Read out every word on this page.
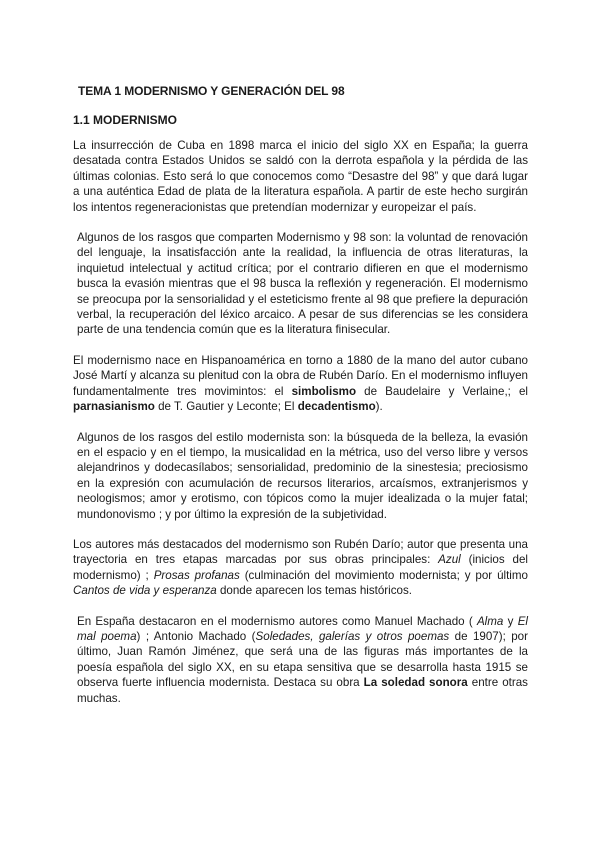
TEMA 1 MODERNISMO Y GENERACIÓN DEL 98
1.1 MODERNISMO

La insurrección de Cuba en 1898 marca el inicio del siglo XX en España; la guerra desatada contra Estados Unidos se saldó con la derrota española y la pérdida de las últimas colonias. Esto será lo que conocemos como “Desastre del 98” y que dará lugar a una auténtica Edad de plata de la literatura española. A partir de este hecho surgirán los intentos regeneracionistas que pretendían modernizar y europeizar el país.

Algunos de los rasgos que comparten Modernismo y 98 son: la voluntad de renovación del lenguaje, la insatisfacción ante la realidad, la influencia de otras literaturas, la inquietud intelectual y actitud crítica; por el contrario difieren en que el modernismo busca la evasión mientras que el 98 busca la reflexión y regeneración. El modernismo se preocupa por la sensorialidad y el esteticismo frente al 98 que prefiere la depuración verbal, la recuperación del léxico arcaico. A pesar de sus diferencias se les considera parte de una tendencia común que es la literatura finisecular.

El modernismo nace en Hispanoamérica en torno a 1880 de la mano del autor cubano José Martí y alcanza su plenitud con la obra de Rubén Darío. En el modernismo influyen fundamentalmente tres movimintos: el simbolismo de Baudelaire y Verlaine,; el parnasianismo de T. Gautier y Leconte; El decadentismo).

Algunos de los rasgos del estilo modernista son: la búsqueda de la belleza, la evasión en el espacio y en el tiempo, la musicalidad en la métrica, uso del verso libre y versos alejandrinos y dodecasílabos; sensorialidad, predominio de la sinestesia; preciosismo en la expresión con acumulación de recursos literarios, arcaísmos, extranjerismos y neologismos; amor y erotismo, con tópicos como la mujer idealizada o la mujer fatal; mundonovismo ; y por último la expresión de la subjetividad.

Los autores más destacados del modernismo son Rubén Darío; autor que presenta una trayectoria en tres etapas marcadas por sus obras principales: Azul (inicios del modernismo) ; Prosas profanas (culminación del movimiento modernista; y por último Cantos de vida y esperanza donde aparecen los temas históricos.

En España destacaron en el modernismo autores como Manuel Machado ( Alma y El mal poema) ; Antonio Machado (Soledades, galerías y otros poemas de 1907); por último, Juan Ramón Jiménez, que será una de las figuras más importantes de la poesía española del siglo XX, en su etapa sensitiva que se desarrolla hasta 1915 se observa fuerte influencia modernista. Destaca su obra La soledad sonora entre otras muchas.
